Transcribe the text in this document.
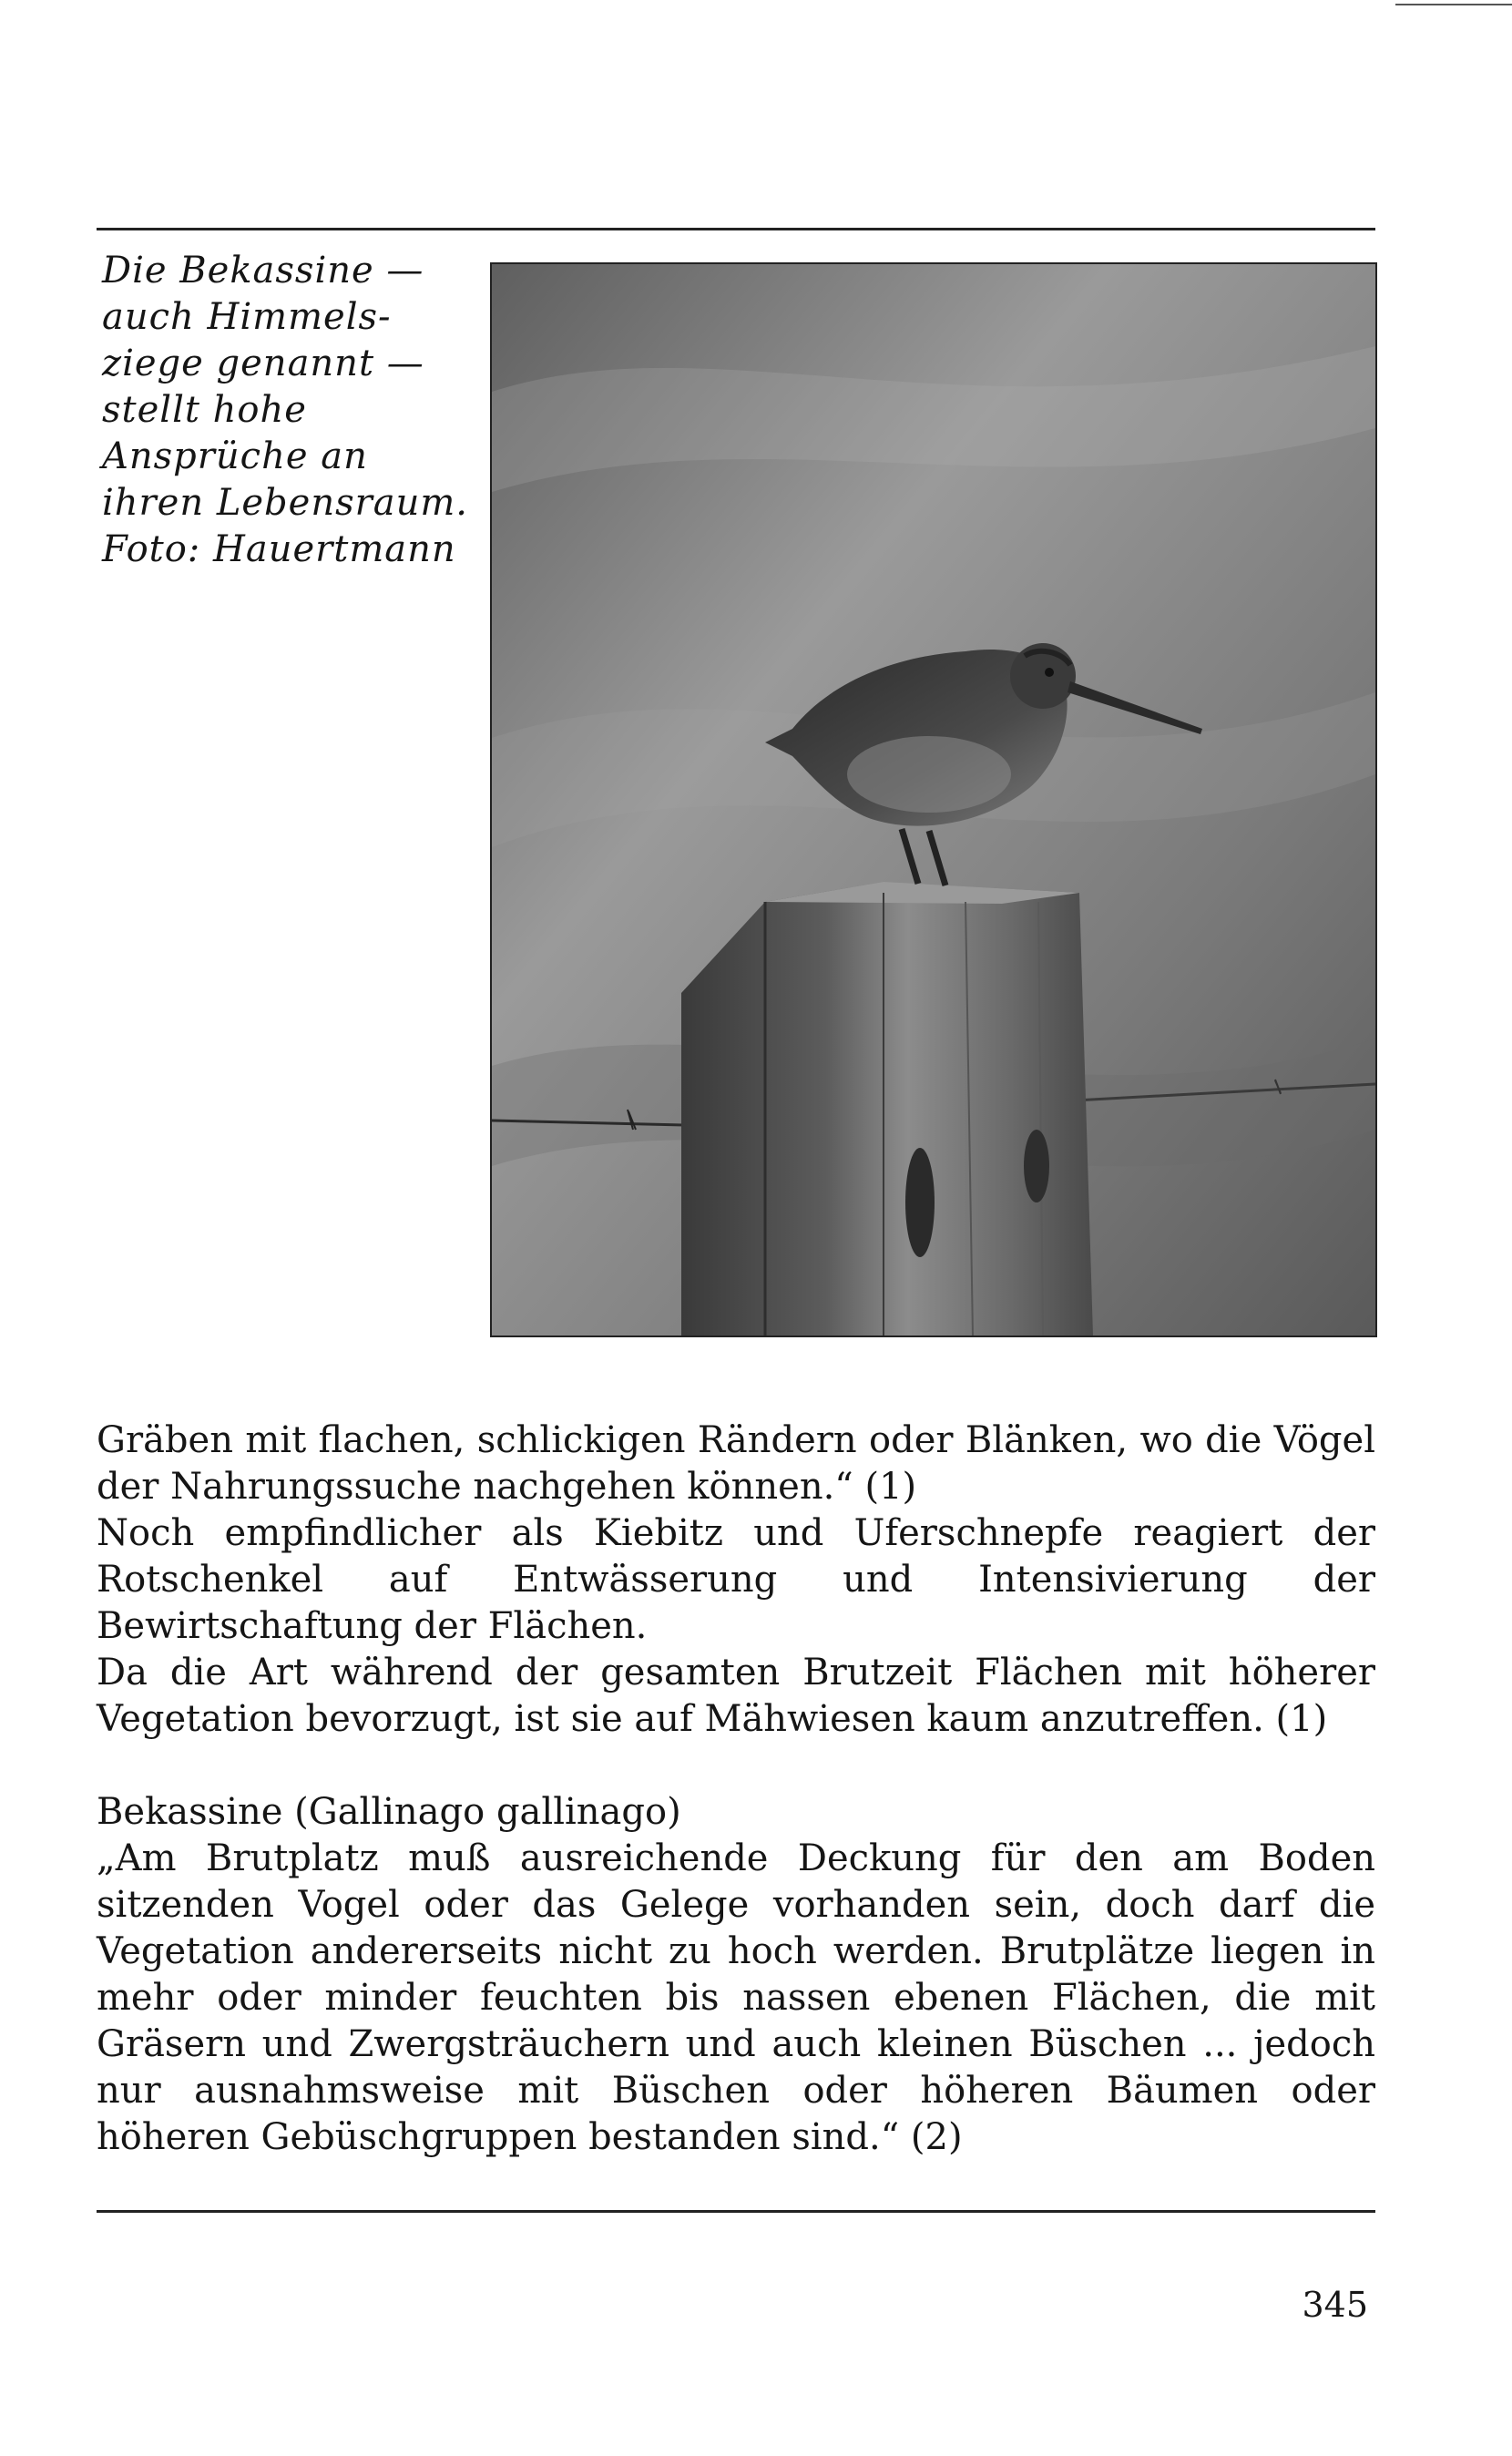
Die Bekassine —
auch Himmels-
ziege genannt —
stellt hohe
Ansprüche an
ihren Lebensraum.
Foto: Hauertmann

Gräben mit flachen, schlickigen Rändern oder Blänken, wo die Vögel der Nahrungssuche nachgehen können.“ (1)

Noch empfindlicher als Kiebitz und Uferschnepfe reagiert der Rotschenkel auf Entwässerung und Intensivierung der Bewirtschaftung der Flächen.

Da die Art während der gesamten Brutzeit Flächen mit höherer Vegetation bevorzugt, ist sie auf Mähwiesen kaum anzutreffen. (1)

Bekassine (Gallinago gallinago)

„Am Brutplatz muß ausreichende Deckung für den am Boden sitzenden Vogel oder das Gelege vorhanden sein, doch darf die Vegetation andererseits nicht zu hoch werden. Brutplätze liegen in mehr oder minder feuchten bis nassen ebenen Flächen, die mit Gräsern und Zwergsträuchern und auch kleinen Büschen ... jedoch nur ausnahmsweise mit Büschen oder höheren Bäumen oder höheren Gebüschgruppen bestanden sind.“ (2)

345
